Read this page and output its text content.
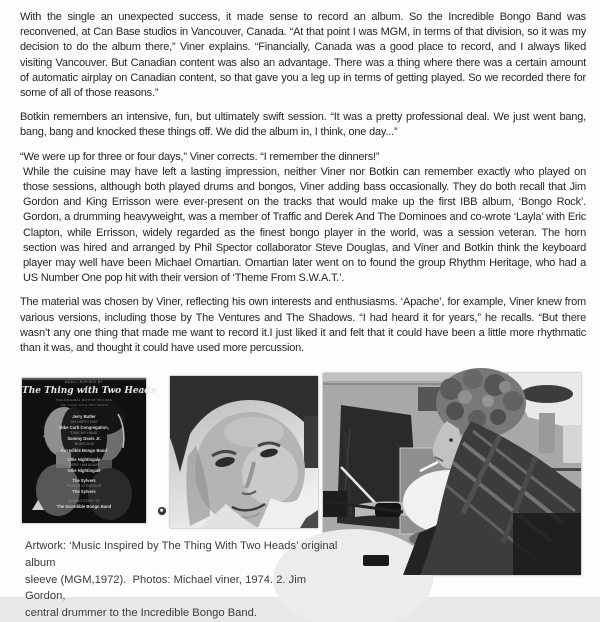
With the single an unexpected success, it made sense to record an album. So the Incredible Bongo Band was reconvened, at Can Base studios in Vancouver, Canada. “At that point I was MGM, in terms of that division, so it was my decision to do the album there,” Viner explains. “Financially, Canada was a good place to record, and I always liked visiting Vancouver. But Canadian content was also an advantage. There was a thing where there was a certain amount of automatic airplay on Canadian content, so that gave you a leg up in terms of getting played. So we recorded there for some of all of those reasons.”

Botkin remembers an intensive, fun, but ultimately swift session. “It was a pretty professional deal. We just went bang, bang, bang and knocked these things off. We did the album in, I think, one day...”

“We were up for three or four days,” Viner corrects. “I remember the dinners!”

While the cuisine may have left a lasting impression, neither Viner nor Botkin can remember exactly who played on those sessions, although both played drums and bongos, Viner adding bass occasionally. They do both recall that Jim Gordon and King Errisson were ever-present on the tracks that would make up the first IBB album, ‘Bongo Rock’. Gordon, a drumming heavyweight, was a member of Traffic and Derek And The Dominoes and co-wrote ‘Layla’ with Eric Clapton, while Errisson, widely regarded as the finest bongo player in the world, was a session veteran. The horn section was hired and arranged by Phil Spector collaborator Steve Douglas, and Viner and Botkin think the keyboard player may well have been Michael Omartian. Omartian later went on to found the group Rhythm Heritage, who had a US Number One pop hit with their version of ‘Theme From S.W.A.T.’.

The material was chosen by Viner, reflecting his own interests and enthusiasms. ‘Apache’, for example, Viner knew from various versions, including those by The Ventures and The Shadows. “I had heard it for years,” he recalls. “But there wasn’t any one thing that made me want to record it.I just liked it and felt that it could have been a little more rhythmatic than it was, and thought it could have used more percussion.

MUSIC INSPIRED BY
The Thing with Two Heads
THE ORIGINAL MOTION PICTURE
‘THE THING WITH TWO HEADS’
Jerry Butler
‘OH HAPPY DAY’
Mike Curb Congregation,
‘TAKE MY HAND’
Sammy Davis Jr.
‘BONGOLIA’
Incredible Bongo Band
Ollie Nightingale
‘HERE I AM AGAIN’
Ollie Nightingale
The Sylvers
‘POWER STRUGGLE’
The Sylvers
‘BONGO ROCK ’73’
The Incredible Bongo Band
Artwork: ‘Music Inspired by The Thing With Two Heads’ original album
sleeve (MGM,1972).  Photos: Michael viner, 1974. 2. Jim Gordon,
central drummer to the Incredible Bongo Band.
